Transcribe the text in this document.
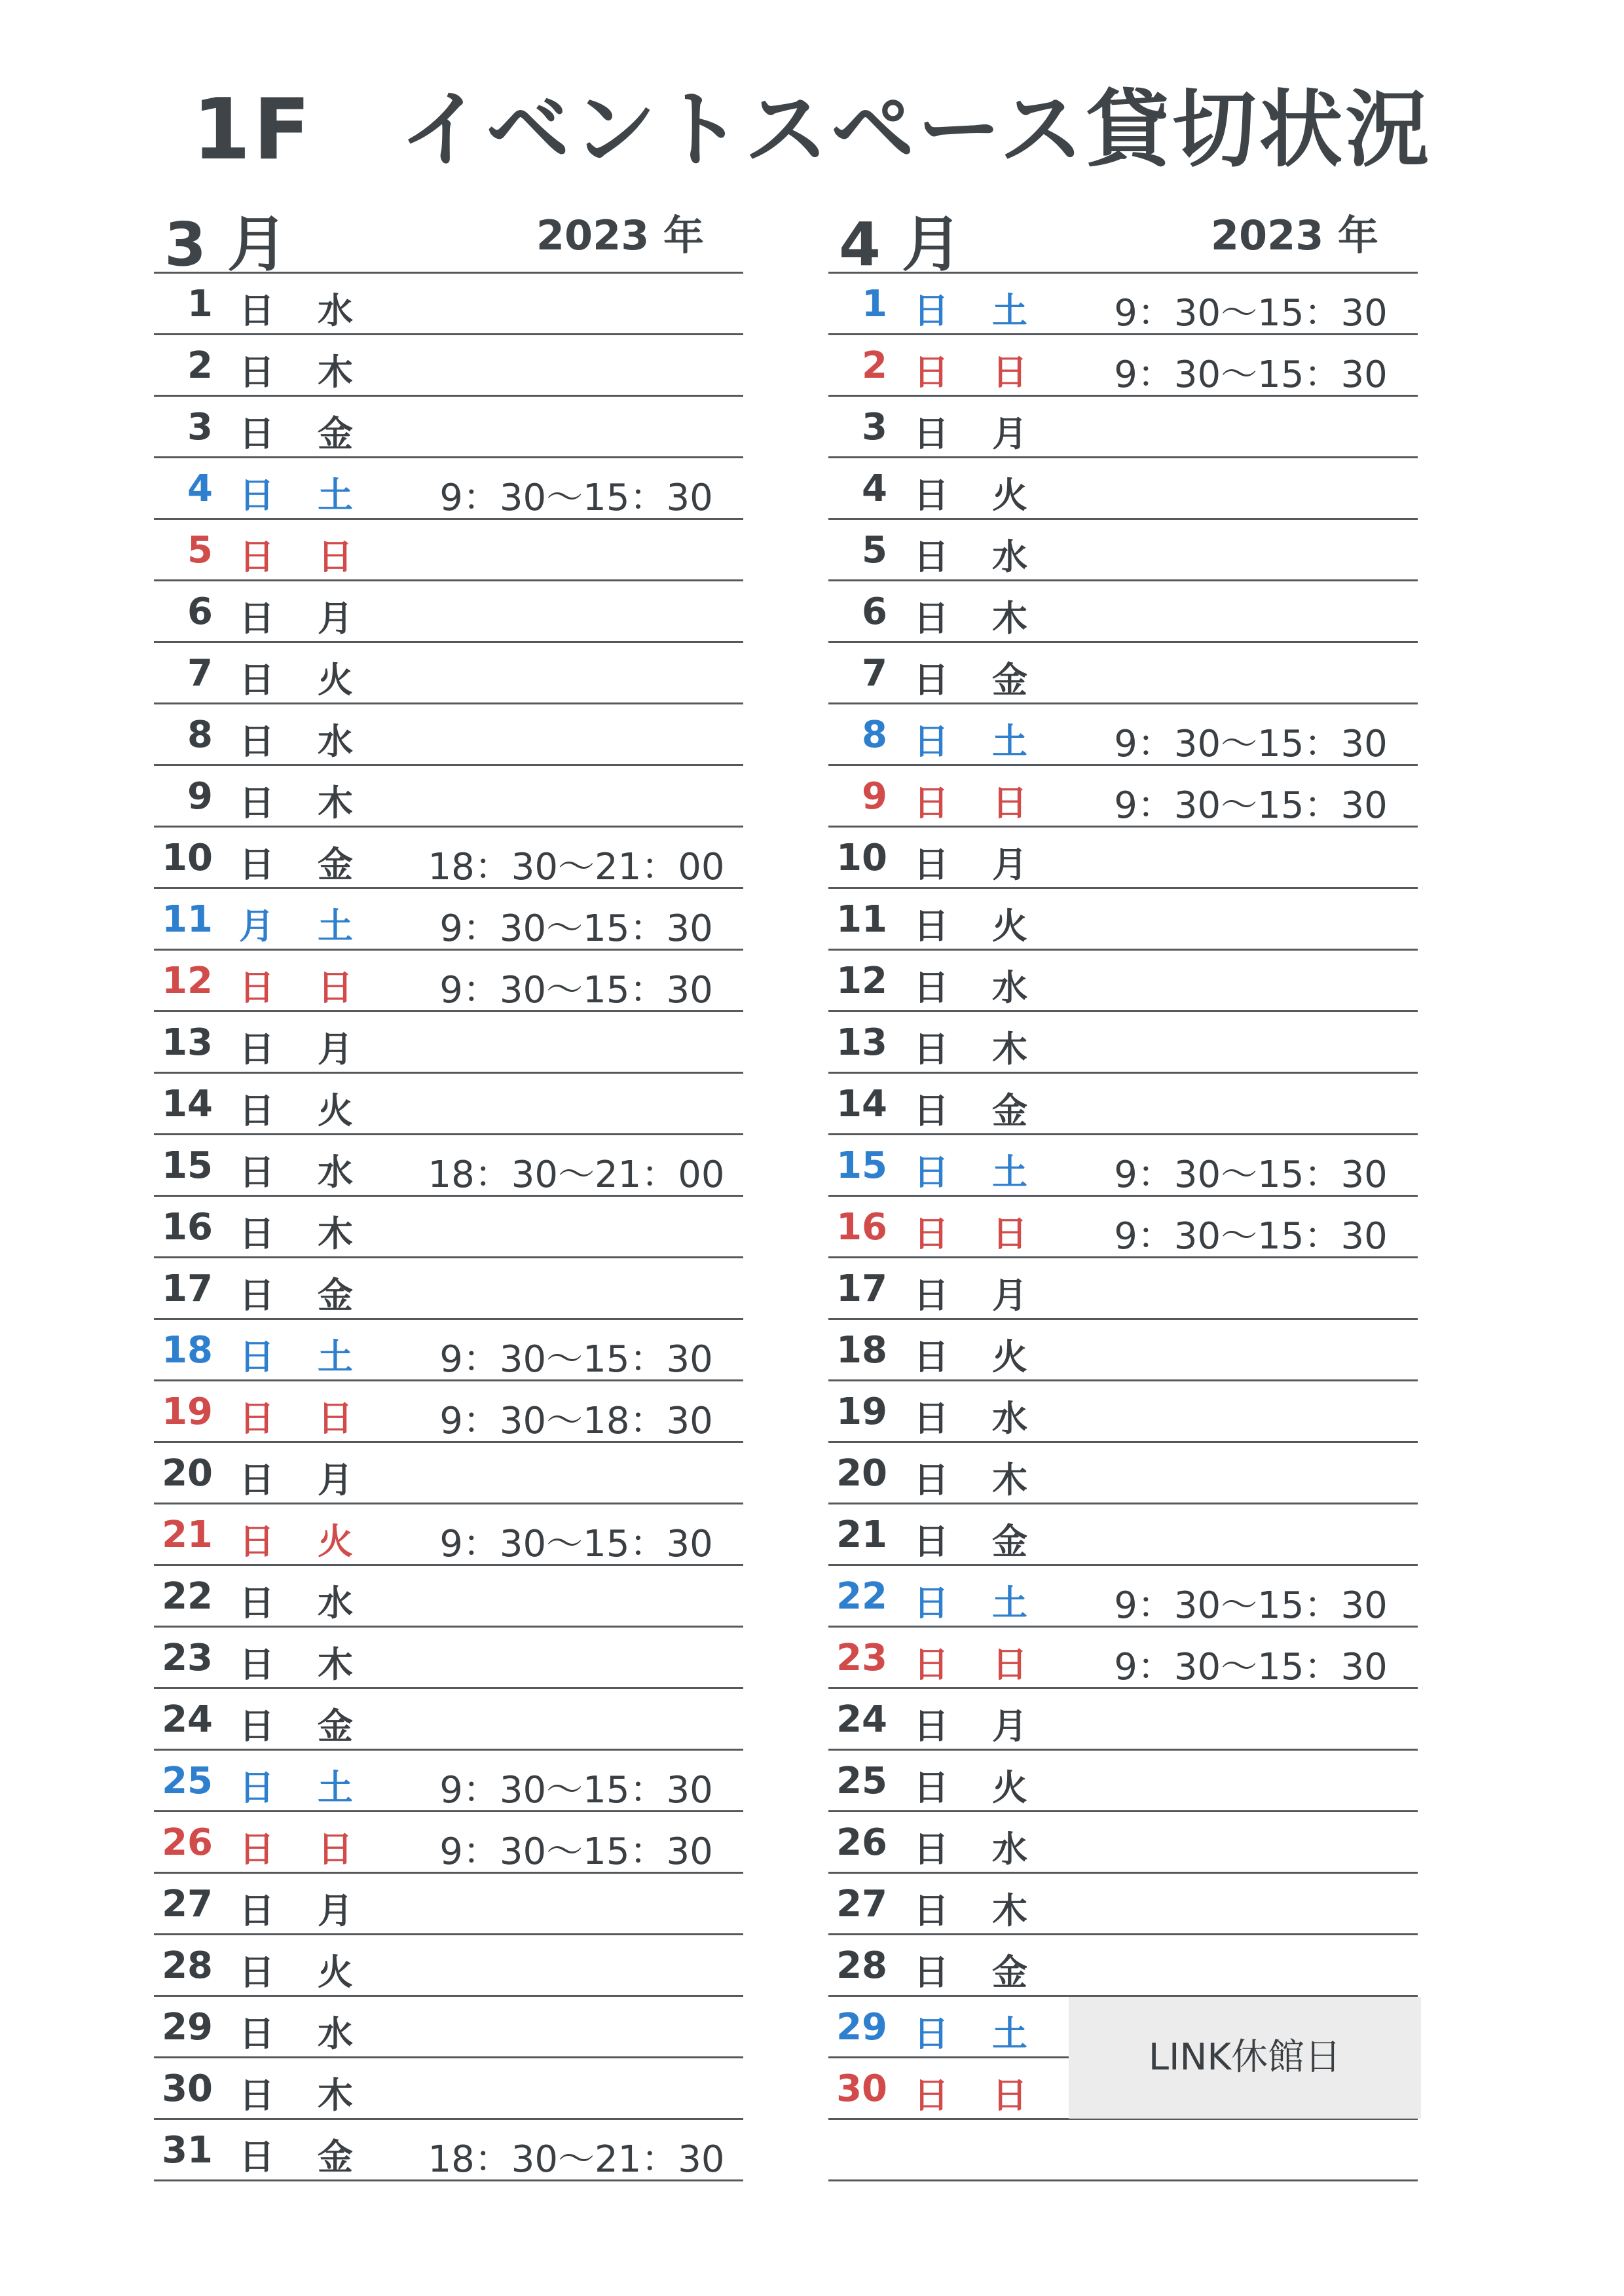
1F　イベントスペース貸切状況
3 月	2023 年
1 日 水
2 日 木
3 日 金
4 日 土	9：30～15：30
5 日 日
6 日 月
7 日 火
8 日 水
9 日 木
10 日 金	18：30～21：00
11 月 土	9：30～15：30
12 日 日	9：30～15：30
13 日 月
14 日 火
15 日 水	18：30～21：00
16 日 木
17 日 金
18 日 土	9：30～15：30
19 日 日	9：30～18：30
20 日 月
21 日 火	9：30～15：30
22 日 水
23 日 木
24 日 金
25 日 土	9：30～15：30
26 日 日	9：30～15：30
27 日 月
28 日 火
29 日 水
30 日 木
31 日 金	18：30～21：30
4 月	2023 年
1 日 土	9：30～15：30
2 日 日	9：30～15：30
3 日 月
4 日 火
5 日 水
6 日 木
7 日 金
8 日 土	9：30～15：30
9 日 日	9：30～15：30
10 日 月
11 日 火
12 日 水
13 日 木
14 日 金
15 日 土	9：30～15：30
16 日 日	9：30～15：30
17 日 月
18 日 火
19 日 水
20 日 木
21 日 金
22 日 土	9：30～15：30
23 日 日	9：30～15：30
24 日 月
25 日 火
26 日 水
27 日 木
28 日 金
29 日 土
30 日 日
LINK休館日
